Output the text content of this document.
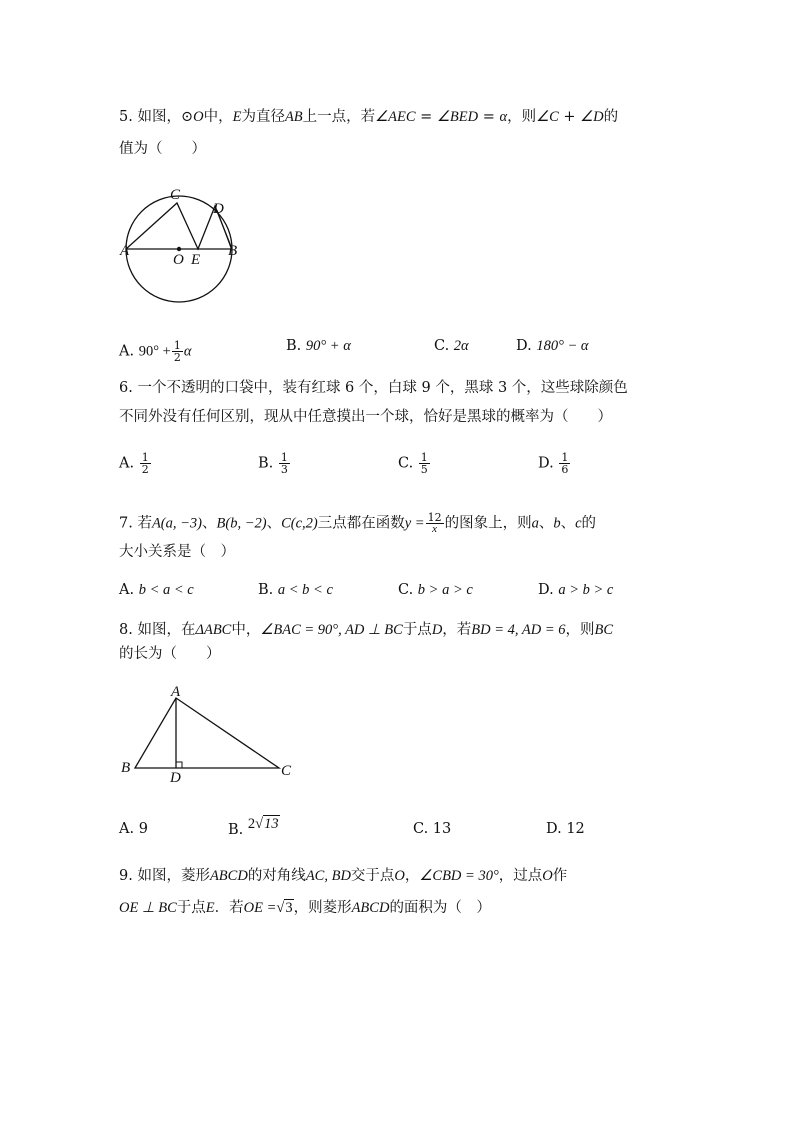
5. 如图，⊙O中，E为直径AB上一点，若∠AEC = ∠BED = α，则∠C + ∠D的
值为（　　）
A
C
D
B
O E
A. $90^\circ + \frac{1}{2}$ α	B. 90° + α	C. 2α	D. 180° − α
6. 一个不透明的口袋中，装有红球 6 个，白球 9 个，黑球 3 个，这些球除颜色
不同外没有任何区别，现从中任意摸出一个球，恰好是黑球的概率为（　　）
A. $\frac{1}{2}$	B. $\frac{1}{3}$	C. $\frac{1}{5}$	D. $\frac{1}{6}$
7. 若A(a, −3)、B(b, −2)、C(c,2)三点都在函数$y = \frac{12}{x}$ 的图象上，则a、b、c的
大小关系是（　）
A. b < a < c	B. a < b < c	C. b > a > c	D. a > b > c
8. 如图，在ΔABC中，∠BAC = 90°, AD ⊥ BC于点D，若BD = 4, AD = 6，则BC
的长为（　　）
A
B
D	C
A. 9	B. 2√13	C. 13	D. 12
9. 如图，菱形ABCD的对角线AC, BD交于点O，∠CBD = 30°，过点O作
OE ⊥ BC于点E．若OE =√3，则菱形ABCD的面积为（　）
